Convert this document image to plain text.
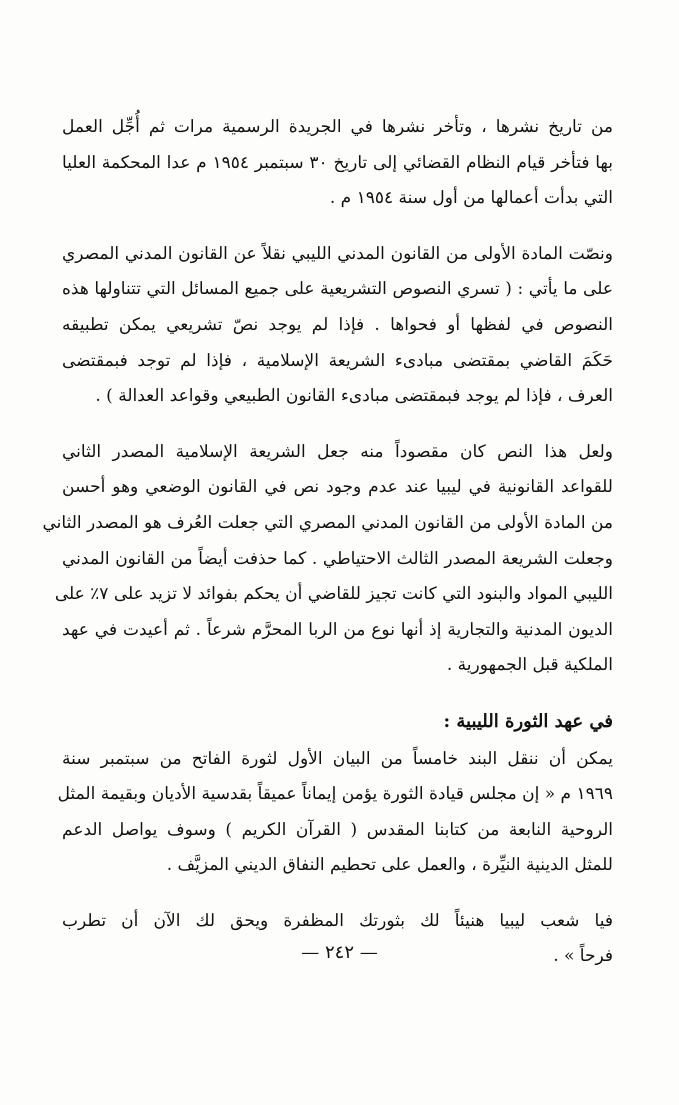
من تاريخ نشرها ، وتأخر نشرها في الجريدة الرسمية مرات ثم أُجِّل العمل
بها فتأخر قيام النظام القضائي إلى تاريخ ٣٠ سبتمبر ١٩٥٤ م عدا المحكمة العليا
التي بدأت أعمالها من أول سنة ١٩٥٤ م .

ونصّت المادة الأولى من القانون المدني الليبي نقلاً عن القانون المدني المصري
على ما يأتي : ( تسري النصوص التشريعية على جميع المسائل التي تتناولها هذه
النصوص في لفظها أو فحواها . فإذا لم يوجد نصّ تشريعي يمكن تطبيقه
حَكَمَ القاضي بمقتضى مبادىء الشريعة الإسلامية ، فإذا لم توجد فبمقتضى
العرف ، فإذا لم يوجد فبمقتضى مبادىء القانون الطبيعي وقواعد العدالة ) .

ولعل هذا النص كان مقصوداً منه جعل الشريعة الإسلامية المصدر الثاني
للقواعد القانونية في ليبيا عند عدم وجود نص في القانون الوضعي وهو أحسن
من المادة الأولى من القانون المدني المصري التي جعلت العُرف هو المصدر الثاني
وجعلت الشريعة المصدر الثالث الاحتياطي . كما حذفت أيضاً من القانون المدني
الليبي المواد والبنود التي كانت تجيز للقاضي أن يحكم بفوائد لا تزيد على ٧٪ على
الديون المدنية والتجارية إذ أنها نوع من الربا المحرَّم شرعاً . ثم أعيدت في عهد
الملكية قبل الجمهورية .

في عهد الثورة الليبية :

يمكن أن ننقل البند خامساً من البيان الأول لثورة الفاتح من سبتمبر سنة
١٩٦٩ م « إن مجلس قيادة الثورة يؤمن إيماناً عميقاً بقدسية الأديان وبقيمة المثل
الروحية النابعة من كتابنا المقدس ( القرآن الكريم ) وسوف يواصل الدعم
للمثل الدينية النيِّرة ، والعمل على تحطيم النفاق الديني المزيَّف .

فيا شعب ليبيا هنيئاً لك بثورتك المظفرة ويحق لك الآن أن تطرب
فرحاً » .

— ٢٤٢ —
